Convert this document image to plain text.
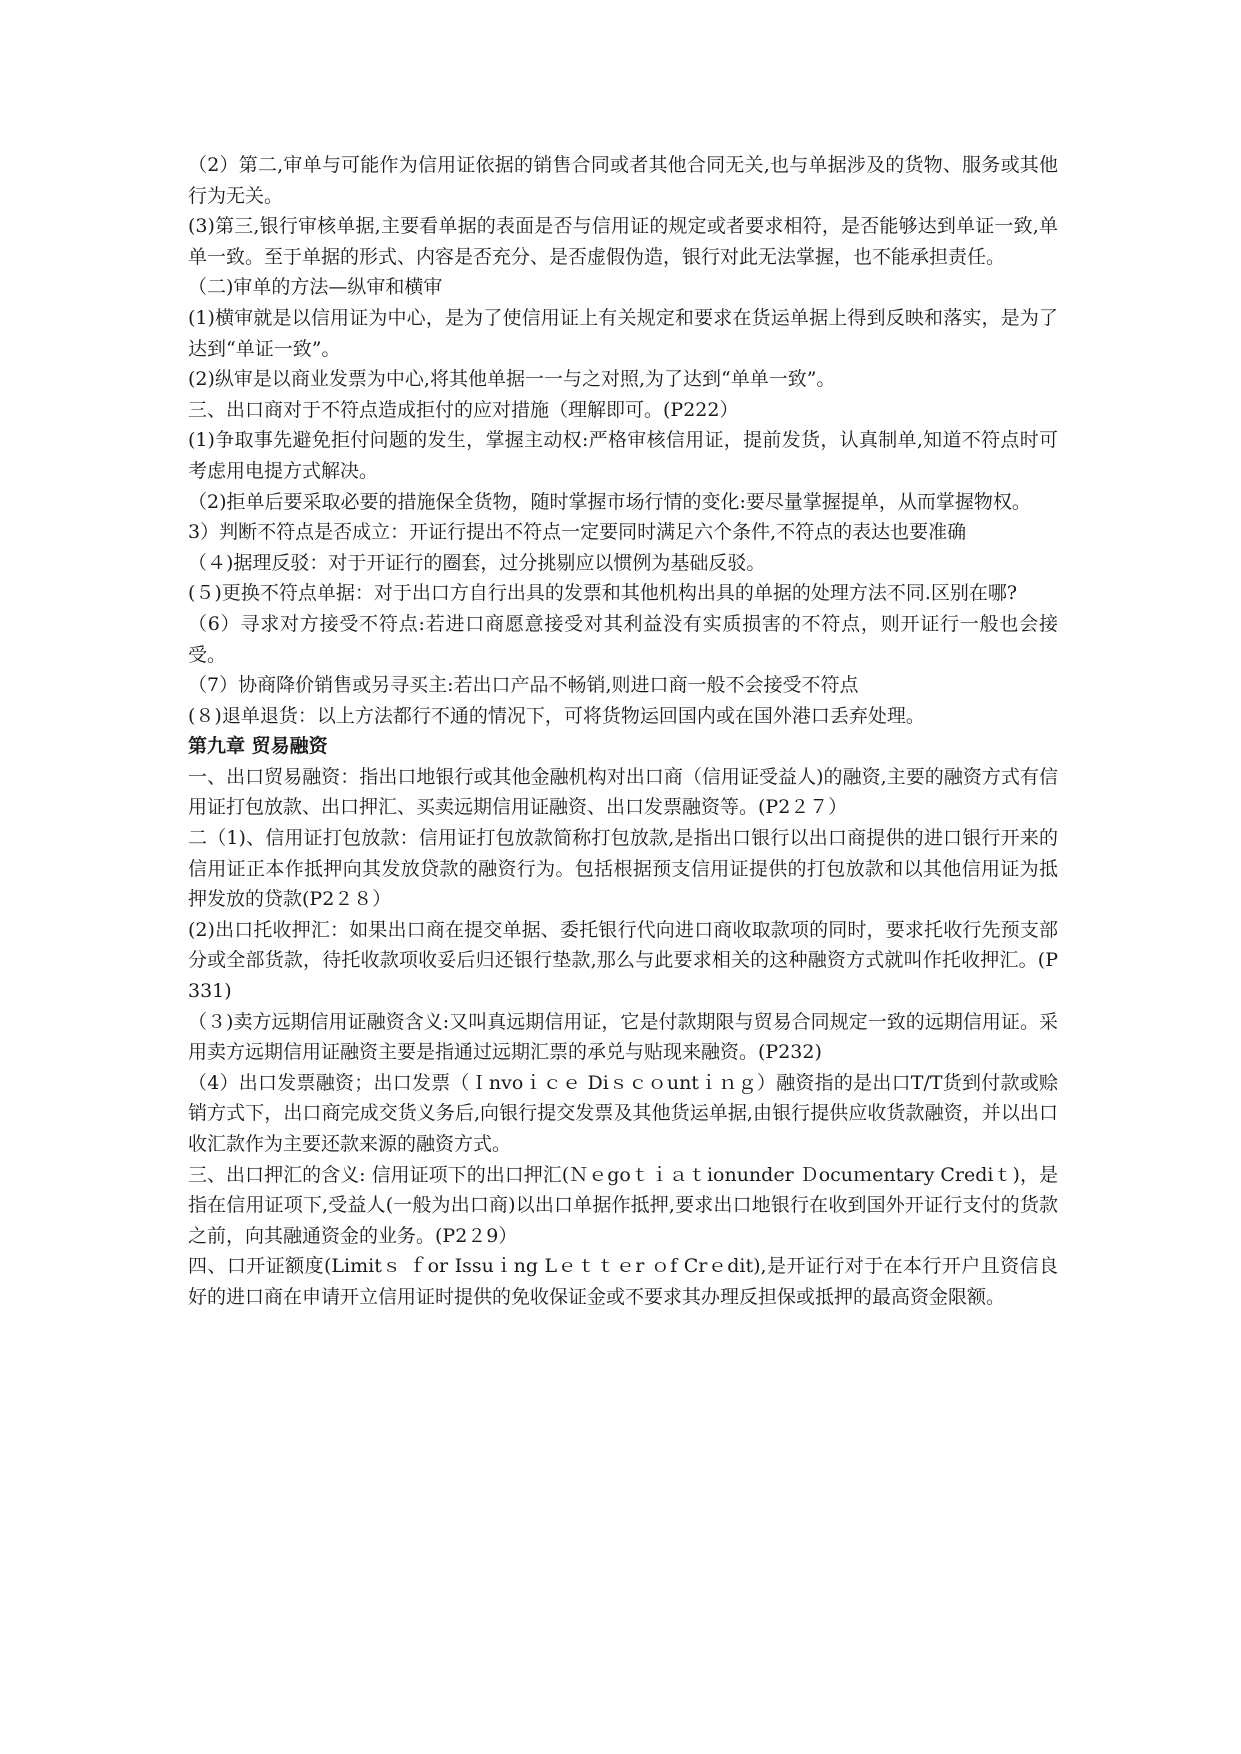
（2）第二,审单与可能作为信用证依据的销售合同或者其他合同无关,也与单据涉及的货物、服务或其他行为无关。

(3)第三,银行审核单据,主要看单据的表面是否与信用证的规定或者要求相符，是否能够达到单证一致,单单一致。至于单据的形式、内容是否充分、是否虚假伪造，银行对此无法掌握，也不能承担责任。

（二)审单的方法—纵审和横审

(1)横审就是以信用证为中心，是为了使信用证上有关规定和要求在货运单据上得到反映和落实，是为了达到“单证一致”。

(2)纵审是以商业发票为中心,将其他单据一一与之对照,为了达到“单单一致”。

三、出口商对于不符点造成拒付的应对措施（理解即可。(P222）

(1)争取事先避免拒付问题的发生，掌握主动权:严格审核信用证，提前发货，认真制单,知道不符点时可考虑用电提方式解决。

（2)拒单后要采取必要的措施保全货物，随时掌握市场行情的变化:要尽量掌握提单，从而掌握物权。

3）判断不符点是否成立：开证行提出不符点一定要同时满足六个条件,不符点的表达也要准确

（４)据理反驳：对于开证行的圈套，过分挑剔应以惯例为基础反驳。

(５)更换不符点单据：对于出口方自行出具的发票和其他机构出具的单据的处理方法不同.区别在哪?

（6）寻求对方接受不符点:若进口商愿意接受对其利益没有实质损害的不符点，则开证行一般也会接受。

（7）协商降价销售或另寻买主:若出口产品不畅销,则进口商一般不会接受不符点

(８)退单退货：以上方法都行不通的情况下，可将货物运回国内或在国外港口丢弃处理。

第九章 贸易融资

一、出口贸易融资：指出口地银行或其他金融机构对出口商（信用证受益人)的融资,主要的融资方式有信用证打包放款、出口押汇、买卖远期信用证融资、出口发票融资等。(P2２７）

二（1)、信用证打包放款：信用证打包放款简称打包放款,是指出口银行以出口商提供的进口银行开来的信用证正本作抵押向其发放贷款的融资行为。包括根据预支信用证提供的打包放款和以其他信用证为抵押发放的贷款(P2２８）

(2)出口托收押汇：如果出口商在提交单据、委托银行代向进口商收取款项的同时，要求托收行先预支部分或全部货款，待托收款项收妥后归还银行垫款,那么与此要求相关的这种融资方式就叫作托收押汇。(P331)

（３)卖方远期信用证融资含义:又叫真远期信用证，它是付款期限与贸易合同规定一致的远期信用证。采用卖方远期信用证融资主要是指通过远期汇票的承兑与贴现来融资。(P232)

（4）出口发票融资；出口发票（Ｉnvoｉｃｅ Diｓｃｏuntｉｎｇ）融资指的是出口T/T货到付款或赊销方式下，出口商完成交货义务后,向银行提交发票及其他货运单据,由银行提供应收货款融资，并以出口收汇款作为主要还款来源的融资方式。

三、出口押汇的含义: 信用证项下的出口押汇(Ｎｅgoｔｉａｔionunder Ｄocuｍentary Crediｔ)，是指在信用证项下,受益人(一般为出口商)以出口单据作抵押,要求出口地银行在收到国外开证行支付的货款之前，向其融通资金的业务。(P2２9）

四、口开证额度(Limitｓ ｆor Issuｉng Lｅｔｔｅr ｏf Crｅdit),是开证行对于在本行开户且资信良好的进口商在申请开立信用证时提供的免收保证金或不要求其办理反担保或抵押的最高资金限额。
